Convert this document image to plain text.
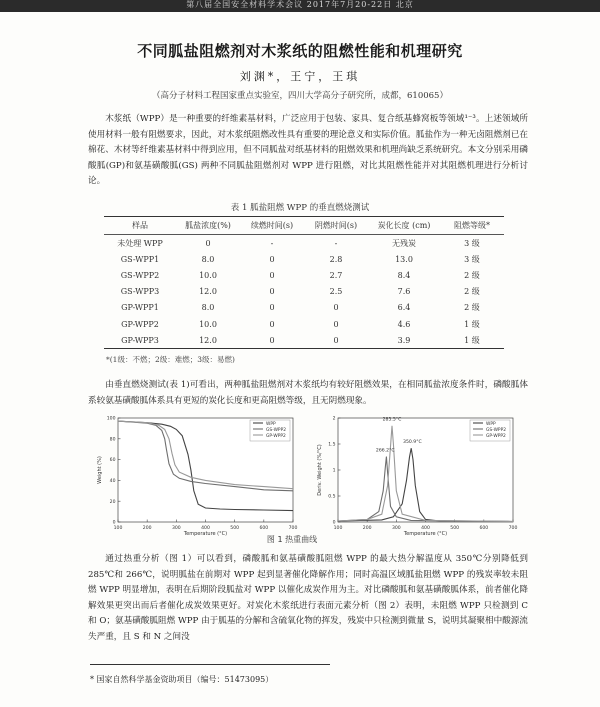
第八届全国安全材料学术会议 2017年7月20-22日 北京
不同胍盐阻燃剂对木浆纸的阻燃性能和机理研究
刘渊*，王宁，王琪
（高分子材料工程国家重点实验室，四川大学高分子研究所，成都，610065）
木浆纸（WPP）是一种重要的纤维素基材料，广泛应用于包装、家具、复合纸基蜂窝板等领域¹⁻³。上述领域所使用材料一般有阻燃要求，因此，对木浆纸阻燃改性具有重要的理论意义和实际价值。胍盐作为一种无卤阻燃剂已在棉花、木材等纤维素基材料中得到应用，但不同胍盐对纸基材料的阻燃效果和机理尚缺乏系统研究。本文分别采用磷酸胍(GP)和氨基磺酸胍(GS) 两种不同胍盐阻燃剂对 WPP 进行阻燃，对比其阻燃性能并对其阻燃机理进行分析讨论。
表 1 胍盐阻燃 WPP 的垂直燃烧测试
样品	胍盐浓度(%)	续燃时间(s)	阴燃时间(s)	炭化长度 (cm)	阻燃等级*
未处理 WPP	0	-	-	无残炭	3 级
GS-WPP1	8.0	0	2.8	13.0	3 级
GS-WPP2	10.0	0	2.7	8.4	2 级
GS-WPP3	12.0	0	2.5	7.6	2 级
GP-WPP1	8.0	0	0	6.4	2 级
GP-WPP2	10.0	0	0	4.6	1 级
GP-WPP3	12.0	0	0	3.9	1 级
*(1级：不燃；2级：难燃；3级：易燃)
由垂直燃烧测试(表 1)可看出，两种胍盐阻燃剂对木浆纸均有较好阻燃效果，在相同胍盐浓度条件时，磷酸胍体系较氨基磺酸胍体系具有更短的炭化长度和更高阻燃等级，且无阴燃现象。
100	200	300	400	500	600	700
0
20
40
60
80
100
Temperature (°C)
Weight (%)
WPP
GS-WPP2
GP-WPP2
100	200	300	400	500	600	700
0
0.5
1
1.5
2
Temperature (°C)
Deriv. Weight (%/°C)
WPP
GS-WPP2
GP-WPP2
266.2°C
285.5°C
350.9°C
图 1 热重曲线
通过热重分析（图 1）可以看到，磷酸胍和氨基磺酸胍阻燃 WPP 的最大热分解温度从 350℃分别降低到 285℃和 266℃，说明胍盐在前期对 WPP 起到显著催化降解作用；同时高温区域胍盐阻燃 WPP 的残炭率较未阻燃 WPP 明显增加，表明在后期阶段胍盐对 WPP 以催化成炭作用为主。对比磷酸胍和氨基磺酸胍体系，前者催化降解效果更突出而后者催化成炭效果更好。对炭化木浆纸进行表面元素分析（图 2）表明，未阻燃 WPP 只检测到 C 和 O；氨基磺酸胍阻燃 WPP 由于胍基的分解和含硫氧化物的挥发，残炭中只检测到微量 S，说明其凝聚相中酸源流失严重，且 S 和 N 之间没
* 国家自然科学基金资助项目（编号：51473095）
